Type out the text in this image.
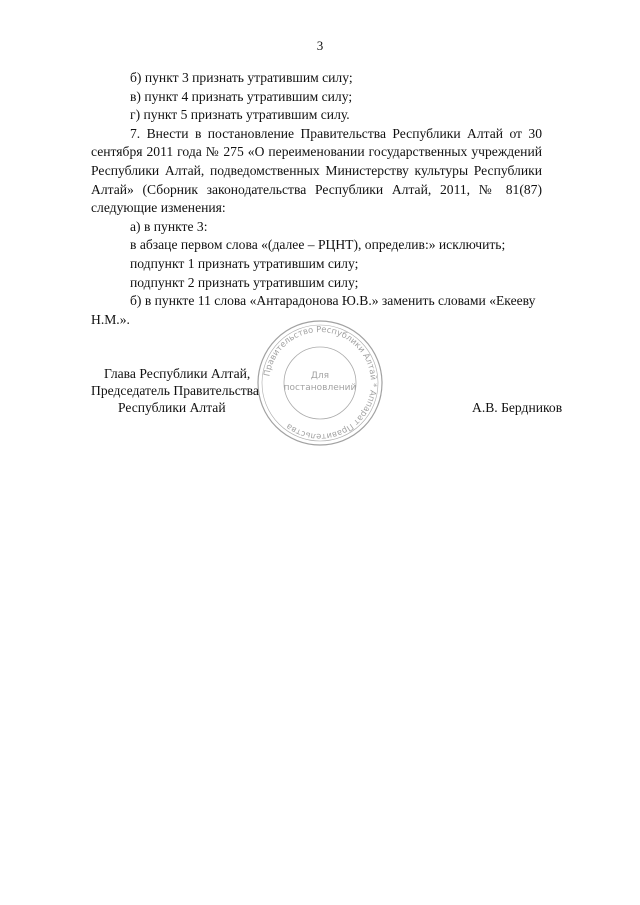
3
б) пункт 3 признать утратившим силу;
в) пункт 4 признать утратившим силу;
г) пункт 5 признать утратившим силу.
7. Внести в постановление Правительства Республики Алтай от 30 сентября 2011 года № 275 «О переименовании государственных учреждений Республики Алтай, подведомственных Министерству культуры Республики Алтай» (Сборник законодательства Республики Алтай, 2011, № 81(87) следующие изменения:
а) в пункте 3:
в абзаце первом слова «(далее – РЦНТ), определив:» исключить;
подпункт 1 признать утратившим силу;
подпункт 2 признать утратившим силу;
б) в пункте 11 слова «Антарадонова Ю.В.» заменить словами «Екееву
Н.М.».
Правительство Республики Алтай * Аппарат Правительства
Для
постановлений
Глава Республики Алтай,
Председатель Правительства
Республики Алтай	А.В. Бердников
